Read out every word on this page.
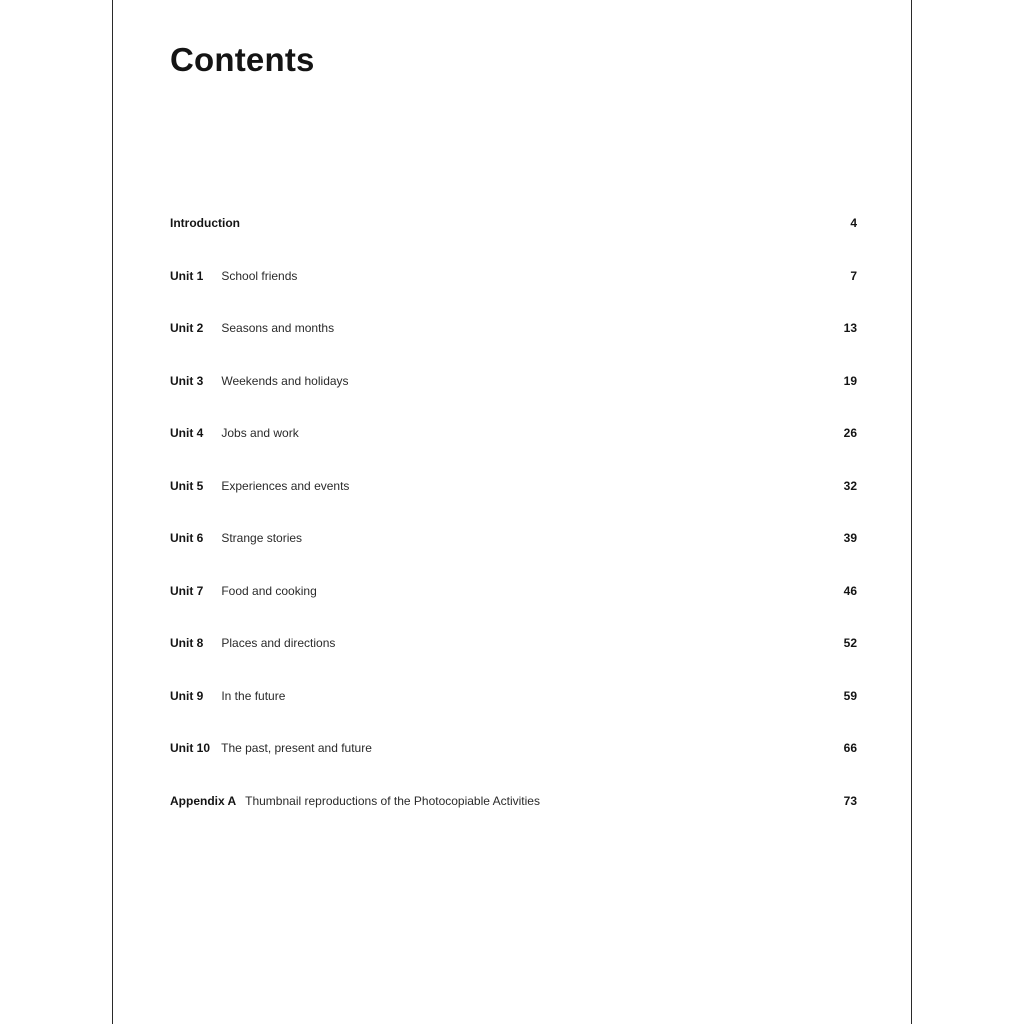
Contents
Introduction	4
Unit 1 School friends	7
Unit 2 Seasons and months	13
Unit 3 Weekends and holidays	19
Unit 4 Jobs and work	26
Unit 5 Experiences and events	32
Unit 6 Strange stories	39
Unit 7 Food and cooking	46
Unit 8 Places and directions	52
Unit 9 In the future	59
Unit 10 The past, present and future	66
Appendix A Thumbnail reproductions of the Photocopiable Activities	73
